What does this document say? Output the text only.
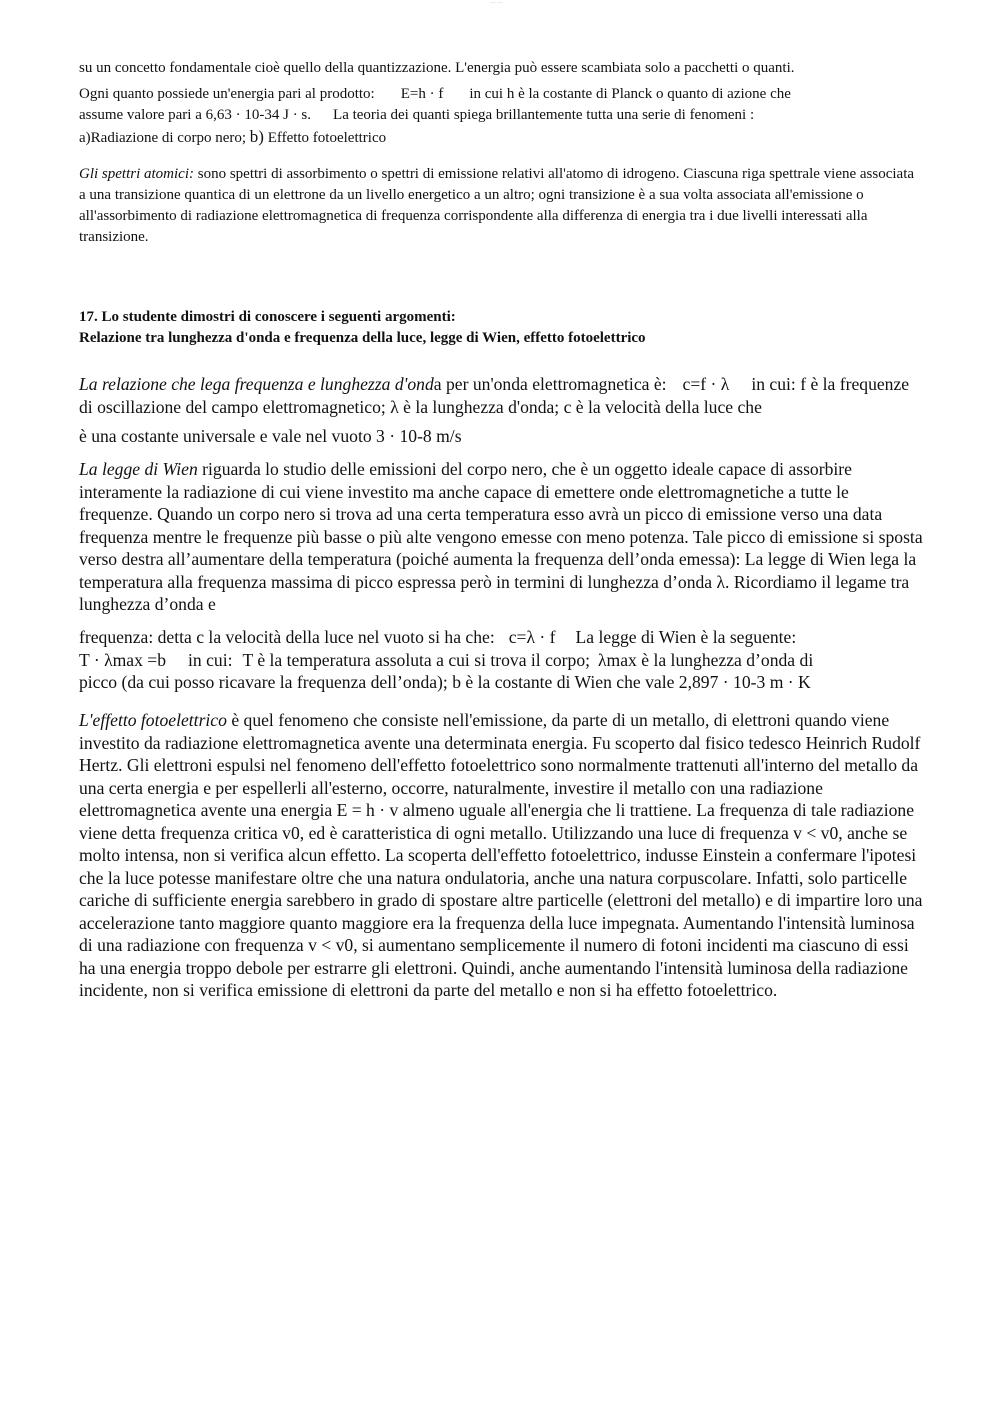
—— ——

su un concetto fondamentale cioè quello della quantizzazione. L'energia può essere scambiata solo a pacchetti o quanti.

Ogni quanto possiede un'energia pari al prodotto: E=h · f in cui h è la costante di Planck o quanto di azione che
assume valore pari a 6,63 · 10-34 J · s. La teoria dei quanti spiega brillantemente tutta una serie di fenomeni :
a)Radiazione di corpo nero; b) Effetto fotoelettrico

Gli spettri atomici: sono spettri di assorbimento o spettri di emissione relativi all'atomo di idrogeno. Ciascuna riga spettrale viene associata a una transizione quantica di un elettrone da un livello energetico a un altro; ogni transizione è a sua volta associata all'emissione o all'assorbimento di radiazione elettromagnetica di frequenza corrispondente alla differenza di energia tra i due livelli interessati alla transizione.

17. Lo studente dimostri di conoscere i seguenti argomenti:
Relazione tra lunghezza d'onda e frequenza della luce, legge di Wien, effetto fotoelettrico

La relazione che lega frequenza e lunghezza d'onda per un'onda elettromagnetica è: c=f · λ in cui: f è la frequenze di oscillazione del campo elettromagnetico; λ è la lunghezza d'onda; c è la velocità della luce che

è una costante universale e vale nel vuoto 3 · 10-8 m/s

La legge di Wien riguarda lo studio delle emissioni del corpo nero, che è un oggetto ideale capace di assorbire interamente la radiazione di cui viene investito ma anche capace di emettere onde elettromagnetiche a tutte le frequenze. Quando un corpo nero si trova ad una certa temperatura esso avrà un picco di emissione verso una data frequenza mentre le frequenze più basse o più alte vengono emesse con meno potenza. Tale picco di emissione si sposta verso destra all’aumentare della temperatura (poiché aumenta la frequenza dell’onda emessa): La legge di Wien lega la temperatura alla frequenza massima di picco espressa però in termini di lunghezza d’onda λ. Ricordiamo il legame tra lunghezza d’onda e

frequenza: detta c la velocità della luce nel vuoto si ha che: c=λ · f La legge di Wien è la seguente:
T · λmax =b in cui: T è la temperatura assoluta a cui si trova il corpo; λmax è la lunghezza d’onda di
picco (da cui posso ricavare la frequenza dell’onda); b è la costante di Wien che vale 2,897 · 10-3 m · K

L'effetto fotoelettrico è quel fenomeno che consiste nell'emissione, da parte di un metallo, di elettroni quando viene investito da radiazione elettromagnetica avente una determinata energia. Fu scoperto dal fisico tedesco Heinrich Rudolf Hertz. Gli elettroni espulsi nel fenomeno dell'effetto fotoelettrico sono normalmente trattenuti all'interno del metallo da una certa energia e per espellerli all'esterno, occorre, naturalmente, investire il metallo con una radiazione elettromagnetica avente una energia E = h · v almeno uguale all'energia che li trattiene. La frequenza di tale radiazione viene detta frequenza critica v0, ed è caratteristica di ogni metallo. Utilizzando una luce di frequenza v < v0, anche se molto intensa, non si verifica alcun effetto. La scoperta dell'effetto fotoelettrico, indusse Einstein a confermare l'ipotesi che la luce potesse manifestare oltre che una natura ondulatoria, anche una natura corpuscolare. Infatti, solo particelle cariche di sufficiente energia sarebbero in grado di spostare altre particelle (elettroni del metallo) e di impartire loro una accelerazione tanto maggiore quanto maggiore era la frequenza della luce impegnata. Aumentando l'intensità luminosa di una radiazione con frequenza v < v0, si aumentano semplicemente il numero di fotoni incidenti ma ciascuno di essi ha una energia troppo debole per estrarre gli elettroni. Quindi, anche aumentando l'intensità luminosa della radiazione incidente, non si verifica emissione di elettroni da parte del metallo e non si ha effetto fotoelettrico.
